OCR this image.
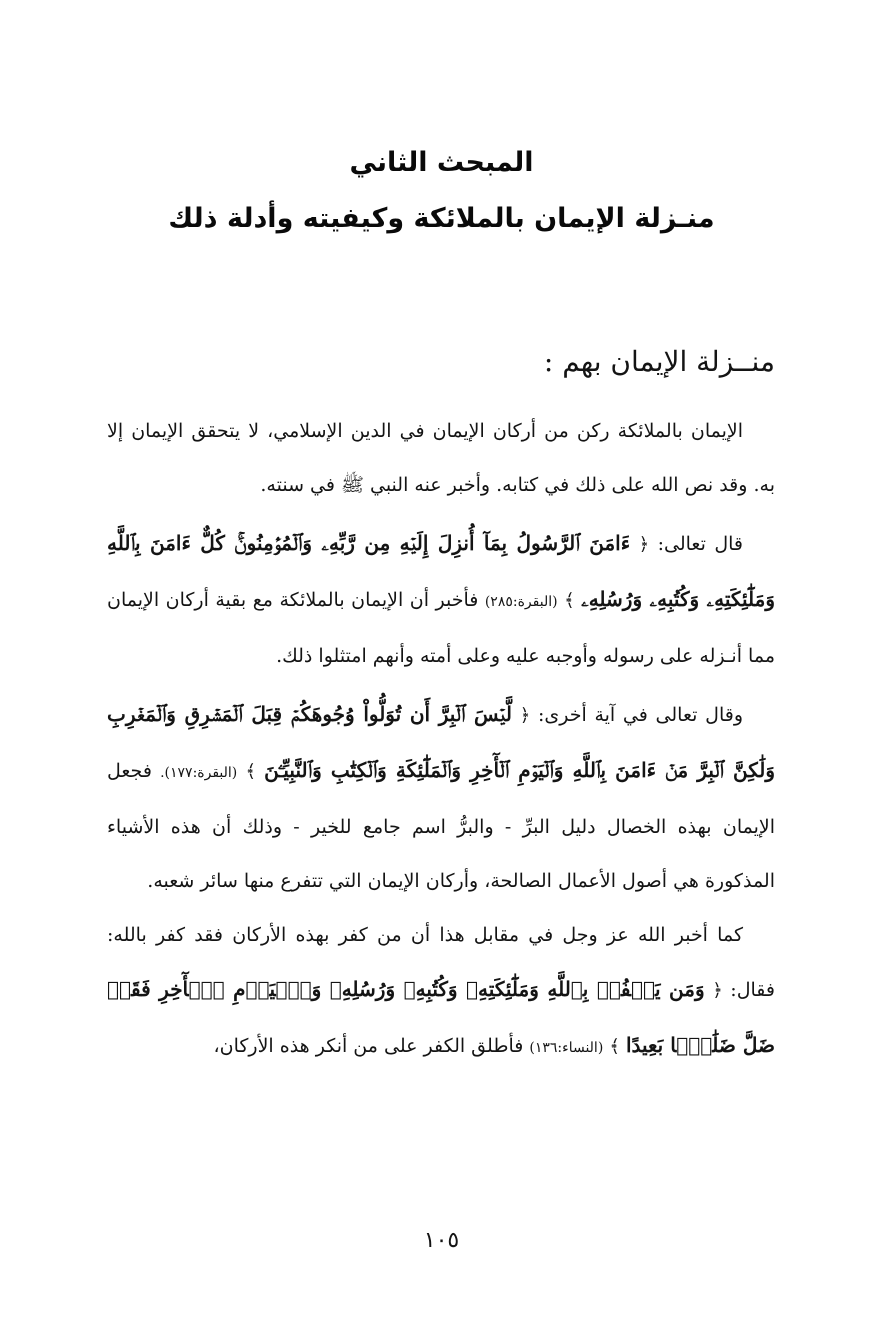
المبحث الثاني
منـزلة الإيمان بالملائكة وكيفيته وأدلة ذلك
منــزلة الإيمان بهم :

الإيمان بالملائكة ركن من أركان الإيمان في الدين الإسلامي، لا يتحقق الإيمان إلا به. وقد نص الله على ذلك في كتابه. وأخبر عنه النبي ﷺ في سنته.

قال تعالى: ﴿ ءَامَنَ ٱلرَّسُولُ بِمَآ أُنزِلَ إِلَيۡهِ مِن رَّبِّهِۦ وَٱلۡمُؤۡمِنُونَۚ كُلٌّ ءَامَنَ بِٱللَّهِ وَمَلَٰٓئِكَتِهِۦ وَكُتُبِهِۦ وَرُسُلِهِۦ ﴾ (البقرة:٢٨٥) فأخبر أن الإيمان بالملائكة مع بقية أركان الإيمان مما أنـزله على رسوله وأوجبه عليه وعلى أمته وأنهم امتثلوا ذلك.

وقال تعالى في آية أخرى: ﴿ لَّيۡسَ ٱلۡبِرَّ أَن تُوَلُّواْ وُجُوهَكُمۡ قِبَلَ ٱلۡمَشۡرِقِ وَٱلۡمَغۡرِبِ وَلَٰكِنَّ ٱلۡبِرَّ مَنۡ ءَامَنَ بِٱللَّهِ وَٱلۡيَوۡمِ ٱلۡأٓخِرِ وَٱلۡمَلَٰٓئِكَةِ وَٱلۡكِتَٰبِ وَٱلنَّبِيِّـۧنَ ﴾ (البقرة:١٧٧). فجعل الإيمان بهذه الخصال دليل البرِّ - والبرُّ اسم جامع للخير - وذلك أن هذه الأشياء المذكورة هي أصول الأعمال الصالحة، وأركان الإيمان التي تتفرع منها سائر شعبه.

كما أخبر الله عز وجل في مقابل هذا أن من كفر بهذه الأركان فقد كفر بالله: فقال: ﴿ وَمَن يَكۡفُرۡ بِٱللَّهِ وَمَلَٰٓئِكَتِهِۦ وَكُتُبِهِۦ وَرُسُلِهِۦ وَٱلۡيَوۡمِ ٱلۡأٓخِرِ فَقَدۡ ضَلَّ ضَلَٰلَۢا بَعِيدًا ﴾ (النساء:١٣٦) فأطلق الكفر على من أنكر هذه الأركان،

١٠٥
